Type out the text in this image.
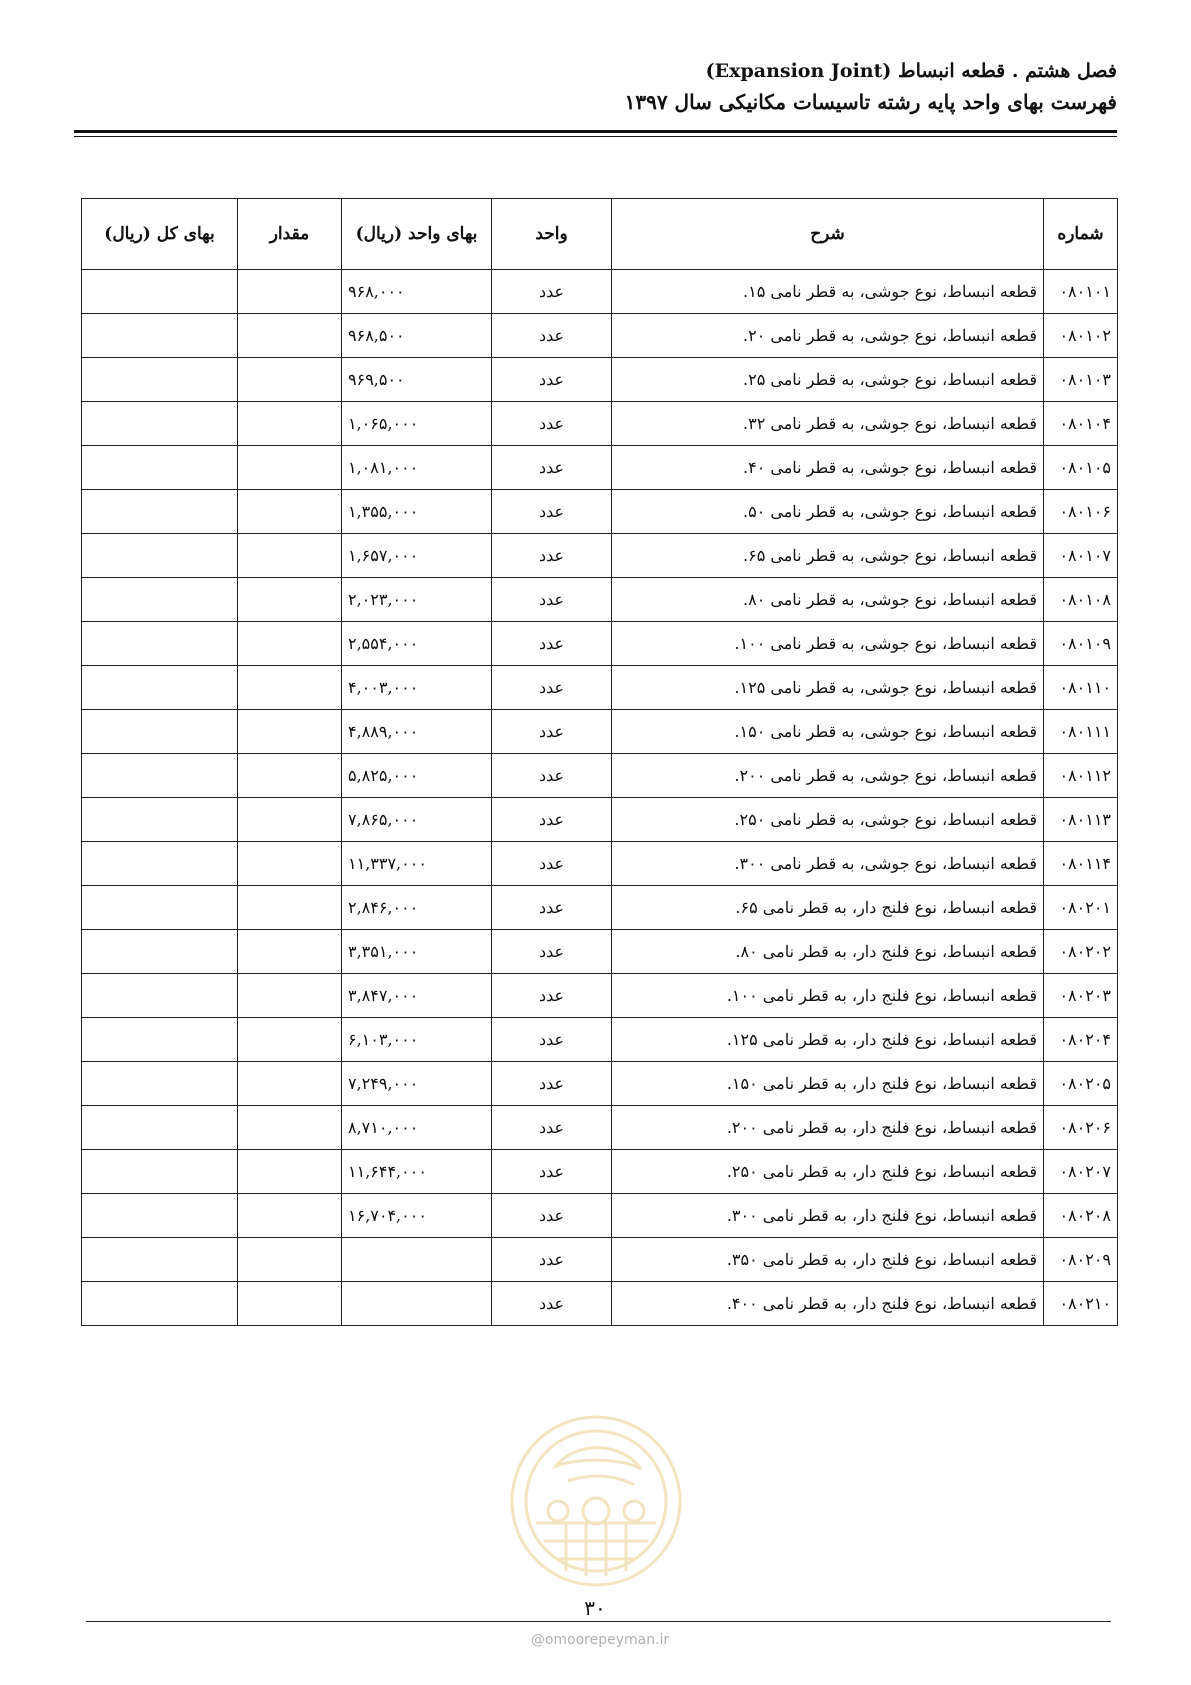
فصل هشتم . قطعه انبساط (Expansion Joint)
فهرست بهای واحد پایه رشته تاسیسات مکانیکی سال ۱۳۹۷
شماره	شرح	واحد	بهای واحد (ریال)	مقدار	بهای کل (ریال)
۰۸۰۱۰۱	قطعه انبساط، نوع جوشی، به قطر نامی ۱۵.	عدد	۹۶۸,۰۰۰		
۰۸۰۱۰۲	قطعه انبساط، نوع جوشی، به قطر نامی ۲۰.	عدد	۹۶۸,۵۰۰		
۰۸۰۱۰۳	قطعه انبساط، نوع جوشی، به قطر نامی ۲۵.	عدد	۹۶۹,۵۰۰		
۰۸۰۱۰۴	قطعه انبساط، نوع جوشی، به قطر نامی ۳۲.	عدد	۱,۰۶۵,۰۰۰		
۰۸۰۱۰۵	قطعه انبساط، نوع جوشی، به قطر نامی ۴۰.	عدد	۱,۰۸۱,۰۰۰		
۰۸۰۱۰۶	قطعه انبساط، نوع جوشی، به قطر نامی ۵۰.	عدد	۱,۳۵۵,۰۰۰		
۰۸۰۱۰۷	قطعه انبساط، نوع جوشی، به قطر نامی ۶۵.	عدد	۱,۶۵۷,۰۰۰		
۰۸۰۱۰۸	قطعه انبساط، نوع جوشی، به قطر نامی ۸۰.	عدد	۲,۰۲۳,۰۰۰		
۰۸۰۱۰۹	قطعه انبساط، نوع جوشی، به قطر نامی ۱۰۰.	عدد	۲,۵۵۴,۰۰۰		
۰۸۰۱۱۰	قطعه انبساط، نوع جوشی، به قطر نامی ۱۲۵.	عدد	۴,۰۰۳,۰۰۰		
۰۸۰۱۱۱	قطعه انبساط، نوع جوشی، به قطر نامی ۱۵۰.	عدد	۴,۸۸۹,۰۰۰		
۰۸۰۱۱۲	قطعه انبساط، نوع جوشی، به قطر نامی ۲۰۰.	عدد	۵,۸۲۵,۰۰۰		
۰۸۰۱۱۳	قطعه انبساط، نوع جوشی، به قطر نامی ۲۵۰.	عدد	۷,۸۶۵,۰۰۰		
۰۸۰۱۱۴	قطعه انبساط، نوع جوشی، به قطر نامی ۳۰۰.	عدد	۱۱,۳۳۷,۰۰۰		
۰۸۰۲۰۱	قطعه انبساط، نوع فلنج دار، به قطر نامی ۶۵.	عدد	۲,۸۴۶,۰۰۰		
۰۸۰۲۰۲	قطعه انبساط، نوع فلنج دار، به قطر نامی ۸۰.	عدد	۳,۳۵۱,۰۰۰		
۰۸۰۲۰۳	قطعه انبساط، نوع فلنج دار، به قطر نامی ۱۰۰.	عدد	۳,۸۴۷,۰۰۰		
۰۸۰۲۰۴	قطعه انبساط، نوع فلنج دار، به قطر نامی ۱۲۵.	عدد	۶,۱۰۳,۰۰۰		
۰۸۰۲۰۵	قطعه انبساط، نوع فلنج دار، به قطر نامی ۱۵۰.	عدد	۷,۲۴۹,۰۰۰		
۰۸۰۲۰۶	قطعه انبساط، نوع فلنج دار، به قطر نامی ۲۰۰.	عدد	۸,۷۱۰,۰۰۰		
۰۸۰۲۰۷	قطعه انبساط، نوع فلنج دار، به قطر نامی ۲۵۰.	عدد	۱۱,۶۴۴,۰۰۰		
۰۸۰۲۰۸	قطعه انبساط، نوع فلنج دار، به قطر نامی ۳۰۰.	عدد	۱۶,۷۰۴,۰۰۰		
۰۸۰۲۰۹	قطعه انبساط، نوع فلنج دار، به قطر نامی ۳۵۰.	عدد			
۰۸۰۲۱۰	قطعه انبساط، نوع فلنج دار، به قطر نامی ۴۰۰.	عدد			
۳۰
@omoorepeyman.ir
